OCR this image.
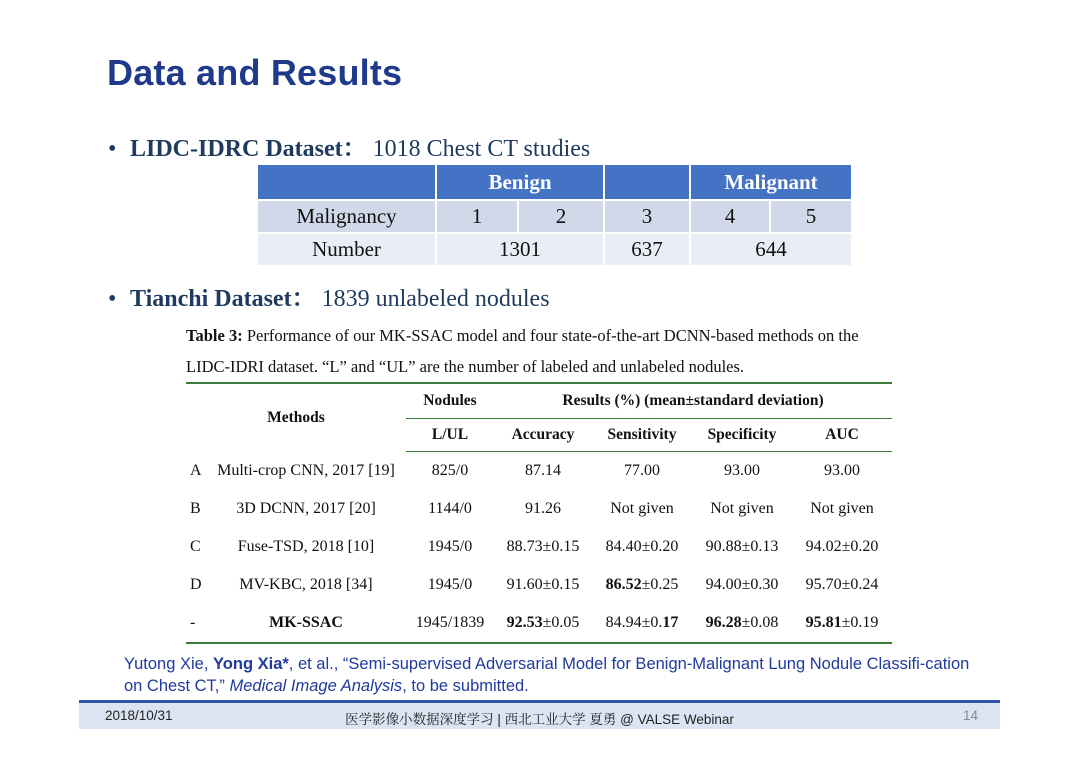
Data and Results
• LIDC-IDRC Dataset： 1018 Chest CT studies
	Benign			Malignant	
Malignancy	1	2	3	4	5
Number	1301		637	644	
• Tianchi Dataset： 1839 unlabeled nodules
Table 3: Performance of our MK-SSAC model and four state-of-the-art DCNN-based methods on the LIDC-IDRI dataset. “L” and “UL” are the number of labeled and unlabeled nodules.
Methods		Nodules	Results (%) (mean±standard deviation)			
		L/UL	Accuracy	Sensitivity	Specificity	AUC
A	Multi-crop CNN, 2017 [19]	825/0	87.14	77.00	93.00	93.00
B	3D DCNN, 2017 [20]	1144/0	91.26	Not given	Not given	Not given
C	Fuse-TSD, 2018 [10]	1945/0	88.73±0.15	84.40±0.20	90.88±0.13	94.02±0.20
D	MV-KBC, 2018 [34]	1945/0	91.60±0.15	86.52±0.25	94.00±0.30	95.70±0.24
-	MK-SSAC	1945/1839	92.53±0.05	84.94±0.17	96.28±0.08	95.81±0.19
Yutong Xie, Yong Xia*, et al., “Semi-supervised Adversarial Model for Benign-Malignant Lung Nodule Classifi-cation on Chest CT,” Medical Image Analysis, to be submitted.
2018/10/31	医学影像小数据深度学习 | 西北工业大学 夏勇 @ VALSE Webinar	14
